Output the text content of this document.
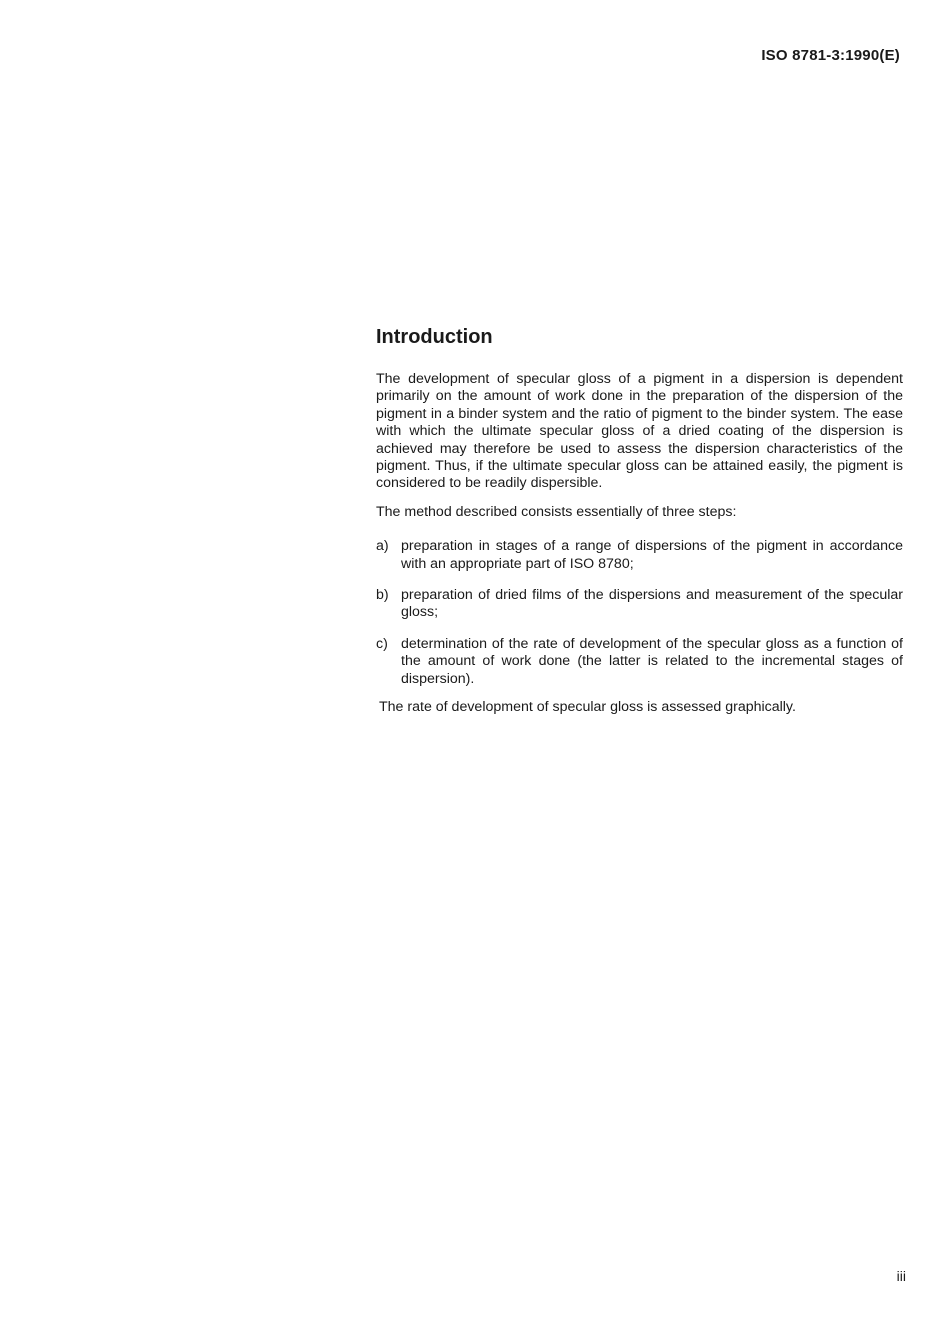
ISO 8781-3:1990(E)
Introduction

The development of specular gloss of a pigment in a dispersion is dependent primarily on the amount of work done in the preparation of the dispersion of the pigment in a binder system and the ratio of pigment to the binder system. The ease with which the ultimate specular gloss of a dried coating of the dispersion is achieved may therefore be used to assess the dispersion characteristics of the pigment. Thus, if the ultimate specular gloss can be attained easily, the pigment is considered to be readily dispersible.

The method described consists essentially of three steps:

a) preparation in stages of a range of dispersions of the pigment in accordance with an appropriate part of ISO 8780;
b) preparation of dried films of the dispersions and measurement of the specular gloss;
c) determination of the rate of development of the specular gloss as a function of the amount of work done (the latter is related to the incremental stages of dispersion).

The rate of development of specular gloss is assessed graphically.

iii
